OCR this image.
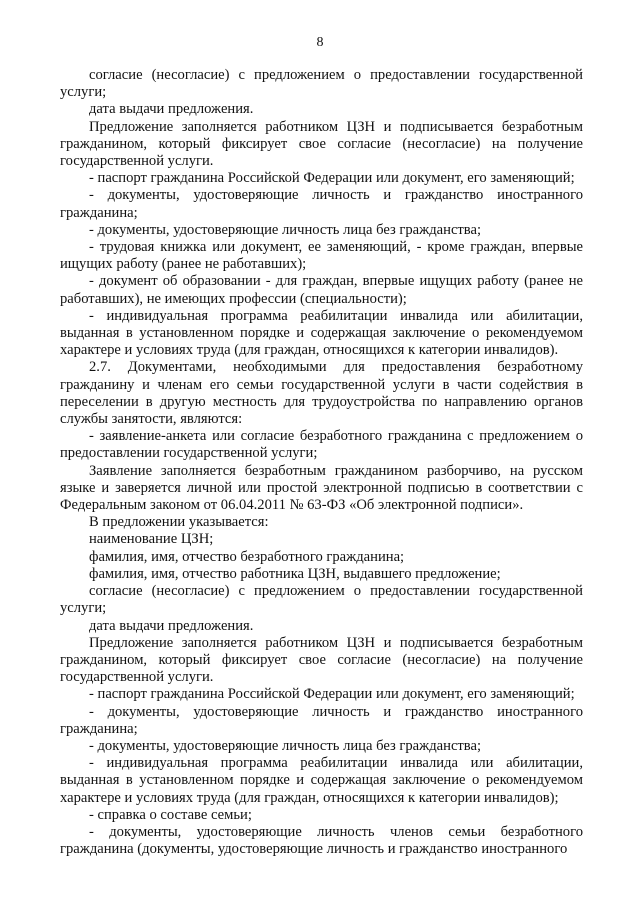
8

согласие (несогласие) с предложением о предоставлении государственной услуги;

дата выдачи предложения.

Предложение заполняется работником ЦЗН и подписывается безработным гражданином, который фиксирует свое согласие (несогласие) на получение государственной услуги.

- паспорт гражданина Российской Федерации или документ, его заменяющий;

- документы, удостоверяющие личность и гражданство иностранного гражданина;

- документы, удостоверяющие личность лица без гражданства;

- трудовая книжка или документ, ее заменяющий, - кроме граждан, впервые ищущих работу (ранее не работавших);

- документ об образовании - для граждан, впервые ищущих работу (ранее не работавших), не имеющих профессии (специальности);

- индивидуальная программа реабилитации инвалида или абилитации, выданная в установленном порядке и содержащая заключение о рекомендуемом характере и условиях труда (для граждан, относящихся к категории инвалидов).

2.7. Документами, необходимыми для предоставления безработному гражданину и членам его семьи государственной услуги в части содействия в переселении в другую местность для трудоустройства по направлению органов службы занятости, являются:

- заявление-анкета или согласие безработного гражданина с предложением о предоставлении государственной услуги;

Заявление заполняется безработным гражданином разборчиво, на русском языке и заверяется личной или простой электронной подписью в соответствии с Федеральным законом от 06.04.2011 № 63-ФЗ «Об электронной подписи».

В предложении указывается:

наименование ЦЗН;

фамилия, имя, отчество безработного гражданина;

фамилия, имя, отчество работника ЦЗН, выдавшего предложение;

согласие (несогласие) с предложением о предоставлении государственной услуги;

дата выдачи предложения.

Предложение заполняется работником ЦЗН и подписывается безработным гражданином, который фиксирует свое согласие (несогласие) на получение государственной услуги.

- паспорт гражданина Российской Федерации или документ, его заменяющий;

- документы, удостоверяющие личность и гражданство иностранного гражданина;

- документы, удостоверяющие личность лица без гражданства;

- индивидуальная программа реабилитации инвалида или абилитации, выданная в установленном порядке и содержащая заключение о рекомендуемом характере и условиях труда (для граждан, относящихся к категории инвалидов);

- справка о составе семьи;

- документы, удостоверяющие личность членов семьи безработного гражданина (документы, удостоверяющие личность и гражданство иностранного
